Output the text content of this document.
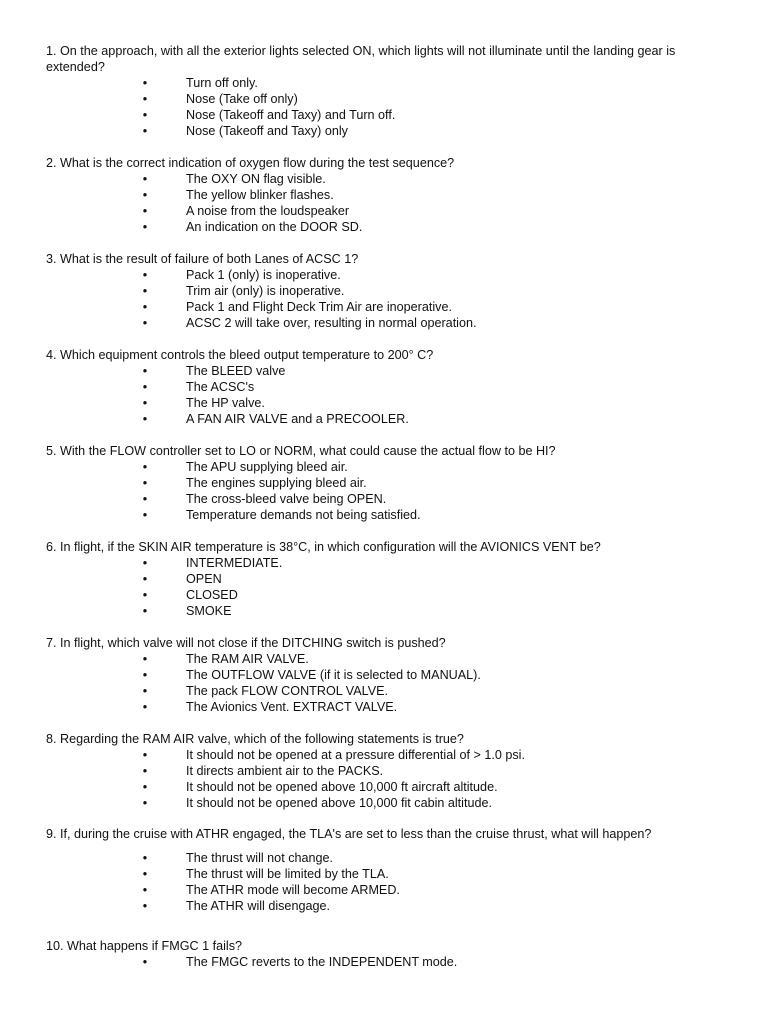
1. On the approach, with all the exterior lights selected ON, which lights will not illuminate until the landing gear is extended?

•	Turn off only.
•	Nose (Take off only)
•	Nose (Takeoff and Taxy) and Turn off.
•	Nose (Takeoff and Taxy) only

2. What is the correct indication of oxygen flow during the test sequence?

•	The OXY ON flag visible.
•	The yellow blinker flashes.
•	A noise from the loudspeaker
•	An indication on the DOOR SD.

3. What is the result of failure of both Lanes of ACSC 1?

•	Pack 1 (only) is inoperative.
•	Trim air (only) is inoperative.
•	Pack 1 and Flight Deck Trim Air are inoperative.
•	ACSC 2 will take over, resulting in normal operation.

4. Which equipment controls the bleed output temperature to 200° C?

•	The BLEED valve
•	The ACSC's
•	The HP valve.
•	A FAN AIR VALVE and a PRECOOLER.

5. With the FLOW controller set to LO or NORM, what could cause the actual flow to be HI?

•	The APU supplying bleed air.
•	The engines supplying bleed air.
•	The cross-bleed valve being OPEN.
•	Temperature demands not being satisfied.

6. In flight, if the SKIN AIR temperature is 38°C, in which configuration will the AVIONICS VENT be?

•	INTERMEDIATE.
•	OPEN
•	CLOSED
•	SMOKE

7. In flight, which valve will not close if the DITCHING switch is pushed?

•	The RAM AIR VALVE.
•	The OUTFLOW VALVE (if it is selected to MANUAL).
•	The pack FLOW CONTROL VALVE.
•	The Avionics Vent. EXTRACT VALVE.

8. Regarding the RAM AIR valve, which of the following statements is true?

•	It should not be opened at a pressure differential of > 1.0 psi.
•	It directs ambient air to the PACKS.
•	It should not be opened above 10,000 ft aircraft altitude.
•	It should not be opened above 10,000 fit cabin altitude.

9. If, during the cruise with ATHR engaged, the TLA's are set to less than the cruise thrust, what will happen?

•	The thrust will not change.
•	The thrust will be limited by the TLA.
•	The ATHR mode will become ARMED.
•	The ATHR will disengage.

10. What happens if FMGC 1 fails?

•	The FMGC reverts to the INDEPENDENT mode.
